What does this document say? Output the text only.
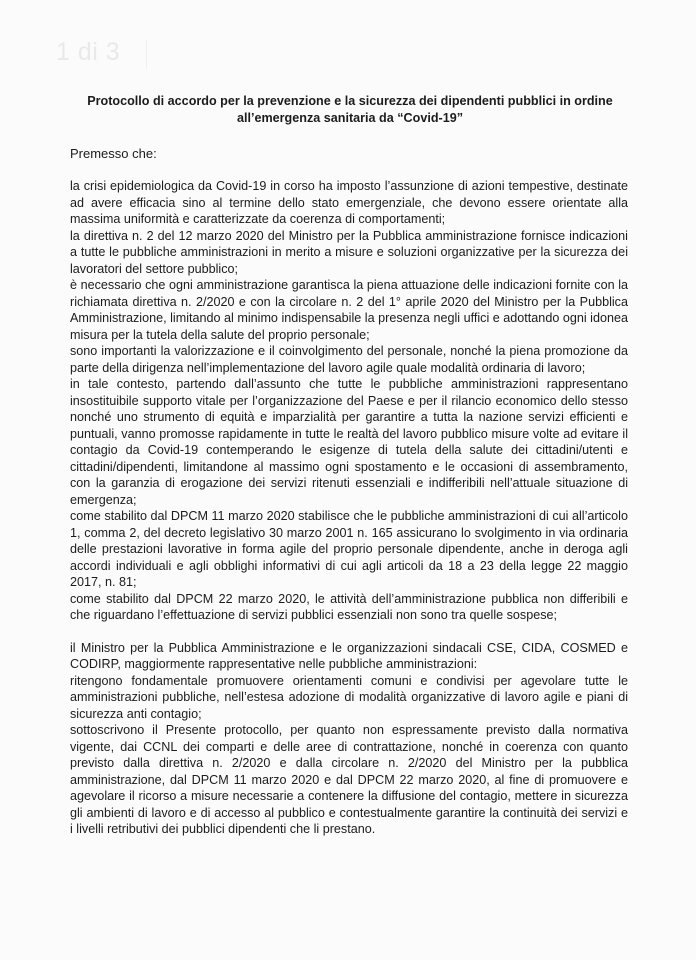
1 di 3
Protocollo di accordo per la prevenzione e la sicurezza dei dipendenti pubblici in ordine
all’emergenza sanitaria da “Covid-19”
Premesso che:

la crisi epidemiologica da Covid-19 in corso ha imposto l’assunzione di azioni tempestive, destinate ad avere efficacia sino al termine dello stato emergenziale, che devono essere orientate alla massima uniformità e caratterizzate da coerenza di comportamenti;

la direttiva n. 2 del 12 marzo 2020 del Ministro per la Pubblica amministrazione fornisce indicazioni a tutte le pubbliche amministrazioni in merito a misure e soluzioni organizzative per la sicurezza dei lavoratori del settore pubblico;

è necessario che ogni amministrazione garantisca la piena attuazione delle indicazioni fornite con la richiamata direttiva n. 2/2020 e con la circolare n. 2 del 1° aprile 2020 del Ministro per la Pubblica Amministrazione, limitando al minimo indispensabile la presenza negli uffici e adottando ogni idonea misura per la tutela della salute del proprio personale;

sono importanti la valorizzazione e il coinvolgimento del personale, nonché la piena promozione da parte della dirigenza nell’implementazione del lavoro agile quale modalità ordinaria di lavoro;

in tale contesto, partendo dall’assunto che tutte le pubbliche amministrazioni rappresentano insostituibile supporto vitale per l’organizzazione del Paese e per il rilancio economico dello stesso nonché uno strumento di equità e imparzialità per garantire a tutta la nazione servizi efficienti e puntuali, vanno promosse rapidamente in tutte le realtà del lavoro pubblico misure volte ad evitare il contagio da Covid-19 contemperando le esigenze di tutela della salute dei cittadini/utenti e cittadini/dipendenti, limitandone al massimo ogni spostamento e le occasioni di assembramento, con la garanzia di erogazione dei servizi ritenuti essenziali e indifferibili nell’attuale situazione di emergenza;

come stabilito dal DPCM 11 marzo 2020 stabilisce che le pubbliche amministrazioni di cui all’articolo 1, comma 2, del decreto legislativo 30 marzo 2001 n. 165 assicurano lo svolgimento in via ordinaria delle prestazioni lavorative in forma agile del proprio personale dipendente, anche in deroga agli accordi individuali e agli obblighi informativi di cui agli articoli da 18 a 23 della legge 22 maggio 2017, n. 81;

come stabilito dal DPCM 22 marzo 2020, le attività dell’amministrazione pubblica non differibili e che riguardano l’effettuazione di servizi pubblici essenziali non sono tra quelle sospese;

il Ministro per la Pubblica Amministrazione e le organizzazioni sindacali CSE, CIDA, COSMED e CODIRP, maggiormente rappresentative nelle pubbliche amministrazioni:

ritengono fondamentale promuovere orientamenti comuni e condivisi per agevolare tutte le amministrazioni pubbliche, nell’estesa adozione di modalità organizzative di lavoro agile e piani di sicurezza anti contagio;

sottoscrivono il Presente protocollo, per quanto non espressamente previsto dalla normativa vigente, dai CCNL dei comparti e delle aree di contrattazione, nonché in coerenza con quanto previsto dalla direttiva n. 2/2020 e dalla circolare n. 2/2020 del Ministro per la pubblica amministrazione, dal DPCM 11 marzo 2020 e dal DPCM 22 marzo 2020, al fine di promuovere e agevolare il ricorso a misure necessarie a contenere la diffusione del contagio, mettere in sicurezza gli ambienti di lavoro e di accesso al pubblico e contestualmente garantire la continuità dei servizi e i livelli retributivi dei pubblici dipendenti che li prestano.
